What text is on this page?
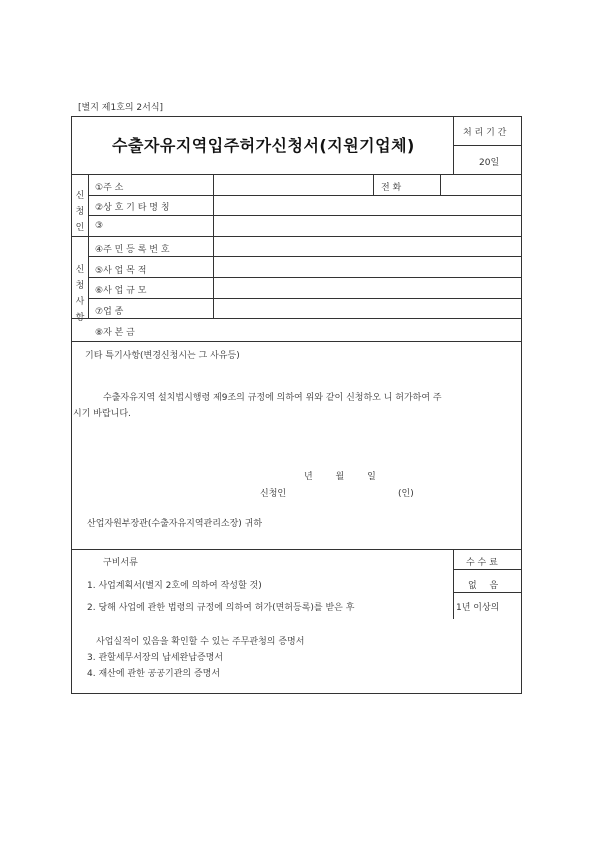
[별지 제1호의 2서식]
수출자유지역입주허가신청서(지원기업체)
처 리 기 간
20일
신
청
인
①주 소
②상 호 기 타 명 칭
③
④주 민 등 록 번 호
전 화
신
청
사
항
⑤사 업 목 적
⑥사 업 규 모
⑦업 종
⑧자 본 금
기타 특기사항(변경신청시는 그 사유등)
수출자유지역 설치법시행령 제9조의 규정에 의하여 위와 같이 신청하오 니 허가하여 주
시기 바랍니다.
년 월 일
신청인	(인)
산업자원부장관(수출자유지역관리소장) 귀하
구비서류
1. 사업계획서(별지 2호에 의하여 작성할 것)
2. 당해 사업에 관한 법령의 규정에 의하여 허가(면허등록)를 받은 후	1년 이상의
사업실적이 있음을 확인할 수 있는 주무관청의 증명서
3. 관할세무서장의 납세완납증명서
4. 재산에 관한 공공기관의 증명서
수 수 료
없 음
